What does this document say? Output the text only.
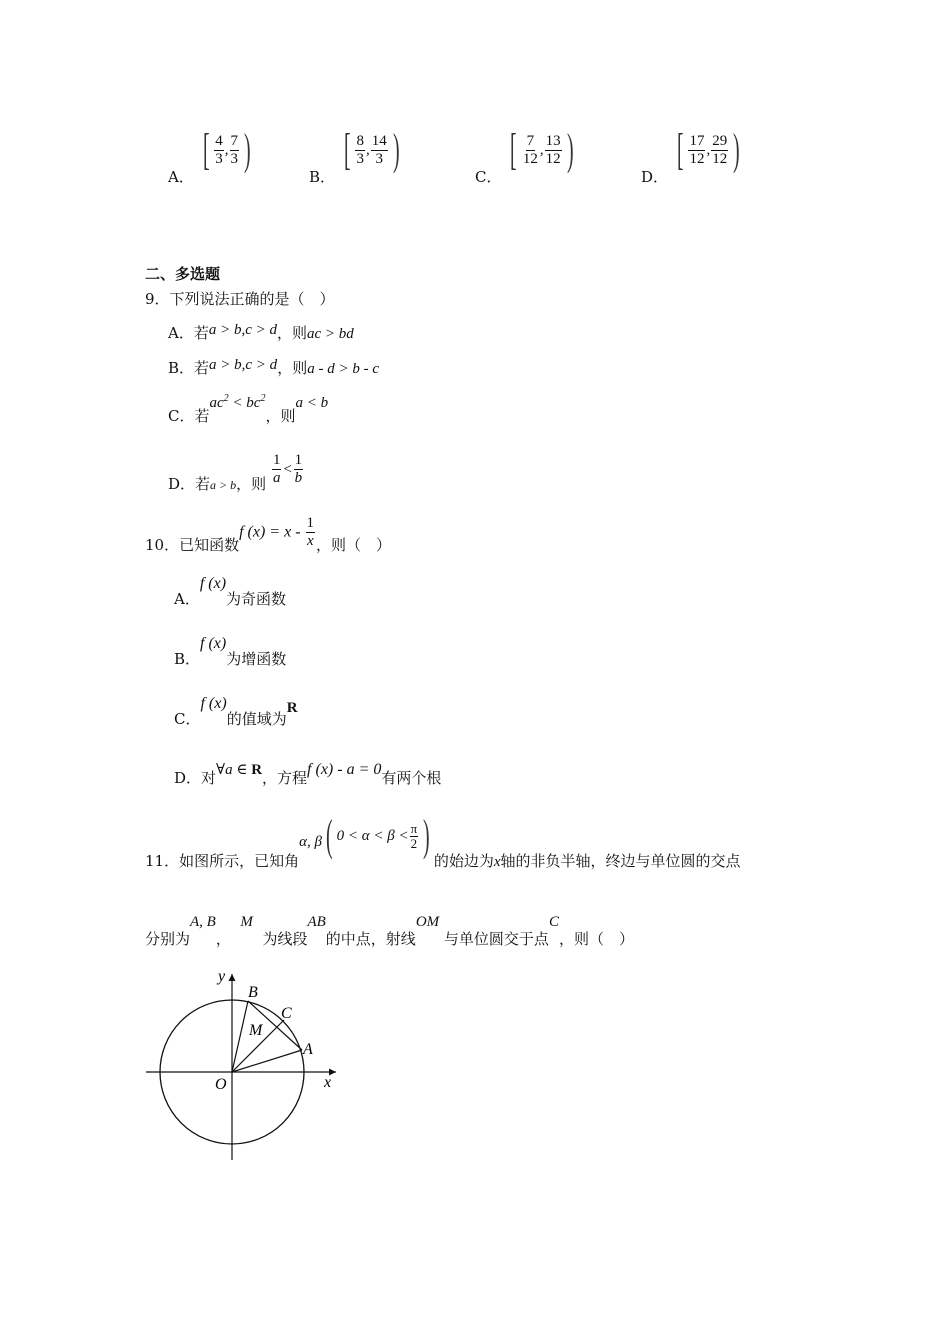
A．
[ $\frac{4}{3}$ , $\frac{7}{3}$ )
B．
[ $\frac{8}{3}$ , $\frac{14}{3}$ )
C．
[ $\frac{7}{12}$ , $\frac{13}{12}$ )
D．
[ $\frac{17}{12}$ , $\frac{29}{12}$ )
二、多选题
9．下列说法正确的是（　）
A．若a > b,c > d，则ac > bd
B．若a > b,c > d，则a - d > b - c
C．若$ac^2 < bc^2$，则a < b
D．若$_{a > b}$，则 $\frac{1}{a} < \frac{1}{b}$
10．已知函数f $(x) = x - \frac{1}{x}$ ，则（　）
A．f (x)为奇函数
B．f (x)为增函数
C．f (x)的值域为R
D．对∀a ∈ R，方程f (x) - a = 0有两个根
11．如图所示，已知角α, β ( $0 < \alpha < \beta < \frac{\pi}{2}$ )
的始边为x轴的非负半轴，终边与单位圆的交点
分别为A, B，  M  为线段AB的中点，射线OM 与单位圆交于点C，则（　）
y
x
O
A
B
C
M
